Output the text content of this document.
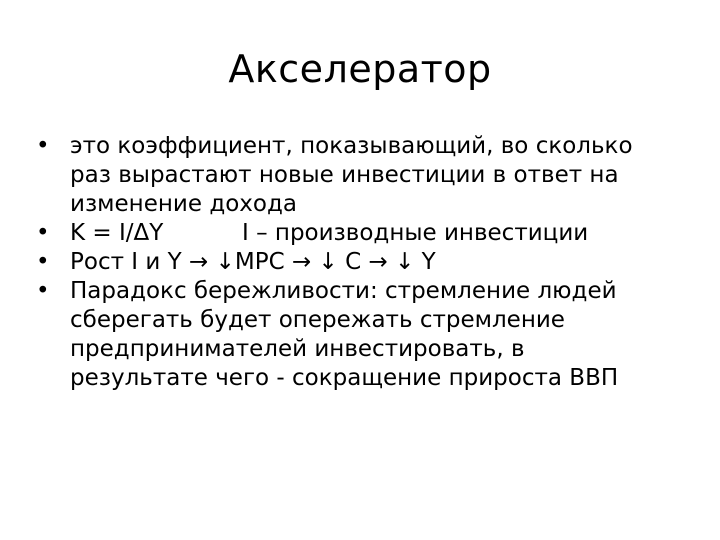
Акселератор
• это коэффициент, показывающий, во сколько
раз вырастают новые инвестиции в ответ на
изменение дохода
• K = I/ΔY	I – производные инвестиции
• Рост I и Y → ↓MPC → ↓ C → ↓ Y
• Парадокс бережливости: стремление людей
сберегать будет опережать стремление
предпринимателей инвестировать, в
результате чего - сокращение прироста ВВП
